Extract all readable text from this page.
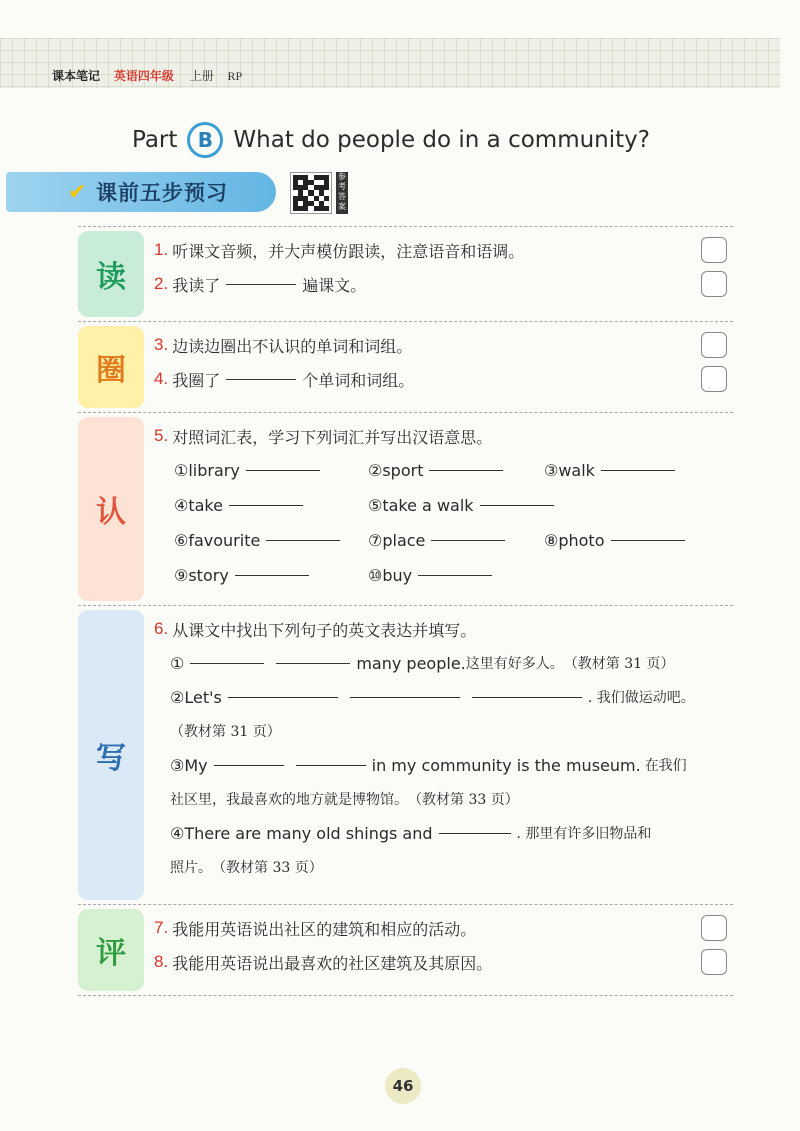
课本笔记 英语四年级 上册 RP
Part	B What do people do in a community?
✔ 课前五步预习
参考答案
读
1. 听课文音频，并大声模仿跟读，注意语音和语调。
2. 我读了	遍课文。
圈
3. 边读边圈出不认识的单词和词组。
4. 我圈了	个单词和词组。
认
5. 对照词汇表，学习下列词汇并写出汉语意思。
①library	②sport	③walk
④take	⑤take a walk
⑥favourite	⑦place	⑧photo
⑨story	⑩buy
写
6. 从课文中找出下列句子的英文表达并填写。
①	many people. 这里有好多人。 （教材第 31 页）
②Let's	. 我们做运动吧。
（教材第 31 页）
③My	in my community is the museum. 在我们
社区里，我最喜欢的地方就是博物馆。 （教材第 33 页）
④There are many old shings and	. 那里有许多旧物品和
照片。 （教材第 33 页）
评
7. 我能用英语说出社区的建筑和相应的活动。
8. 我能用英语说出最喜欢的社区建筑及其原因。
46
